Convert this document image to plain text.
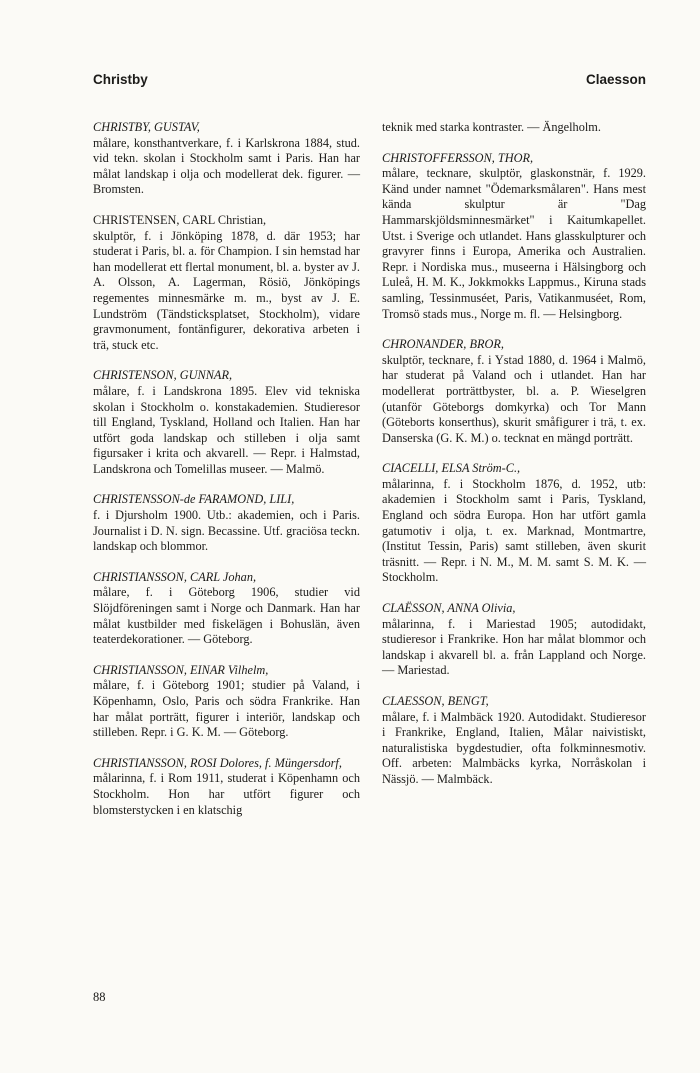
Christby	Claesson
CHRISTBY, GUSTAV,
målare, konsthantverkare, f. i Karlskrona 1884, stud. vid tekn. skolan i Stockholm samt i Paris. Han har målat landskap i olja och modellerat dek. figurer. — Bromsten.
CHRISTENSEN, CARL Christian,
skulptör, f. i Jönköping 1878, d. där 1953; har studerat i Paris, bl. a. för Champion. I sin hemstad har han modellerat ett flertal monument, bl. a. byster av J. A. Olsson, A. Lagerman, Rösiö, Jönköpings regementes minnesmärke m. m., byst av J. E. Lundström (Tändsticksplatset, Stockholm), vidare gravmonument, fontänfigurer, dekorativa arbeten i trä, stuck etc.
CHRISTENSON, GUNNAR,
målare, f. i Landskrona 1895. Elev vid tekniska skolan i Stockholm o. konstakademien. Studieresor till England, Tyskland, Holland och Italien. Han har utfört goda landskap och stilleben i olja samt figursaker i krita och akvarell. — Repr. i Halmstad, Landskrona och Tomelillas museer. — Malmö.
CHRISTENSSON-de FARAMOND, LILI,
f. i Djursholm 1900. Utb.: akademien, och i Paris. Journalist i D. N. sign. Becassine. Utf. graciösa teckn. landskap och blommor.
CHRISTIANSSON, CARL Johan,
målare, f. i Göteborg 1906, studier vid Slöjdföreningen samt i Norge och Danmark. Han har målat kustbilder med fiskelägen i Bohuslän, även teaterdekorationer. — Göteborg.
CHRISTIANSSON, EINAR Vilhelm,
målare, f. i Göteborg 1901; studier på Valand, i Köpenhamn, Oslo, Paris och södra Frankrike. Han har målat porträtt, figurer i interiör, landskap och stilleben. Repr. i G. K. M. — Göteborg.
CHRISTIANSSON, ROSI Dolores, f. Müngersdorf,
målarinna, f. i Rom 1911, studerat i Köpenhamn och Stockholm. Hon har utfört figurer och blomsterstycken i en klatschig
teknik med starka kontraster. — Ängelholm.
CHRISTOFFERSSON, THOR,
målare, tecknare, skulptör, glaskonstnär, f. 1929. Känd under namnet "Ödemarksmålaren". Hans mest kända skulptur är "Dag Hammarskjöldsminnesmärket" i Kaitumkapellet. Utst. i Sverige och utlandet. Hans glasskulpturer och gravyrer finns i Europa, Amerika och Australien. Repr. i Nordiska mus., museerna i Hälsingborg och Luleå, H. M. K., Jokkmokks Lappmus., Kiruna stads samling, Tessinmuséet, Paris, Vatikanmuséet, Rom, Tromsö stads mus., Norge m. fl. — Helsingborg.
CHRONANDER, BROR,
skulptör, tecknare, f. i Ystad 1880, d. 1964 i Malmö, har studerat på Valand och i utlandet. Han har modellerat porträttbyster, bl. a. P. Wieselgren (utanför Göteborgs domkyrka) och Tor Mann (Göteborts konserthus), skurit småfigurer i trä, t. ex. Danserska (G. K. M.) o. tecknat en mängd porträtt.
CIACELLI, ELSA Ström-C.,
målarinna, f. i Stockholm 1876, d. 1952, utb: akademien i Stockholm samt i Paris, Tyskland, England och södra Europa. Hon har utfört gamla gatumotiv i olja, t. ex. Marknad, Montmartre, (Institut Tessin, Paris) samt stilleben, även skurit träsnitt. — Repr. i N. M., M. M. samt S. M. K. — Stockholm.
CLAËSSON, ANNA Olivia,
målarinna, f. i Mariestad 1905; autodidakt, studieresor i Frankrike. Hon har målat blommor och landskap i akvarell bl. a. från Lappland och Norge. — Mariestad.
CLAESSON, BENGT,
målare, f. i Malmbäck 1920. Autodidakt. Studieresor i Frankrike, England, Italien, Målar naivistiskt, naturalistiska bygdestudier, ofta folkminnesmotiv. Off. arbeten: Malmbäcks kyrka, Norråskolan i Nässjö. — Malmbäck.
88
